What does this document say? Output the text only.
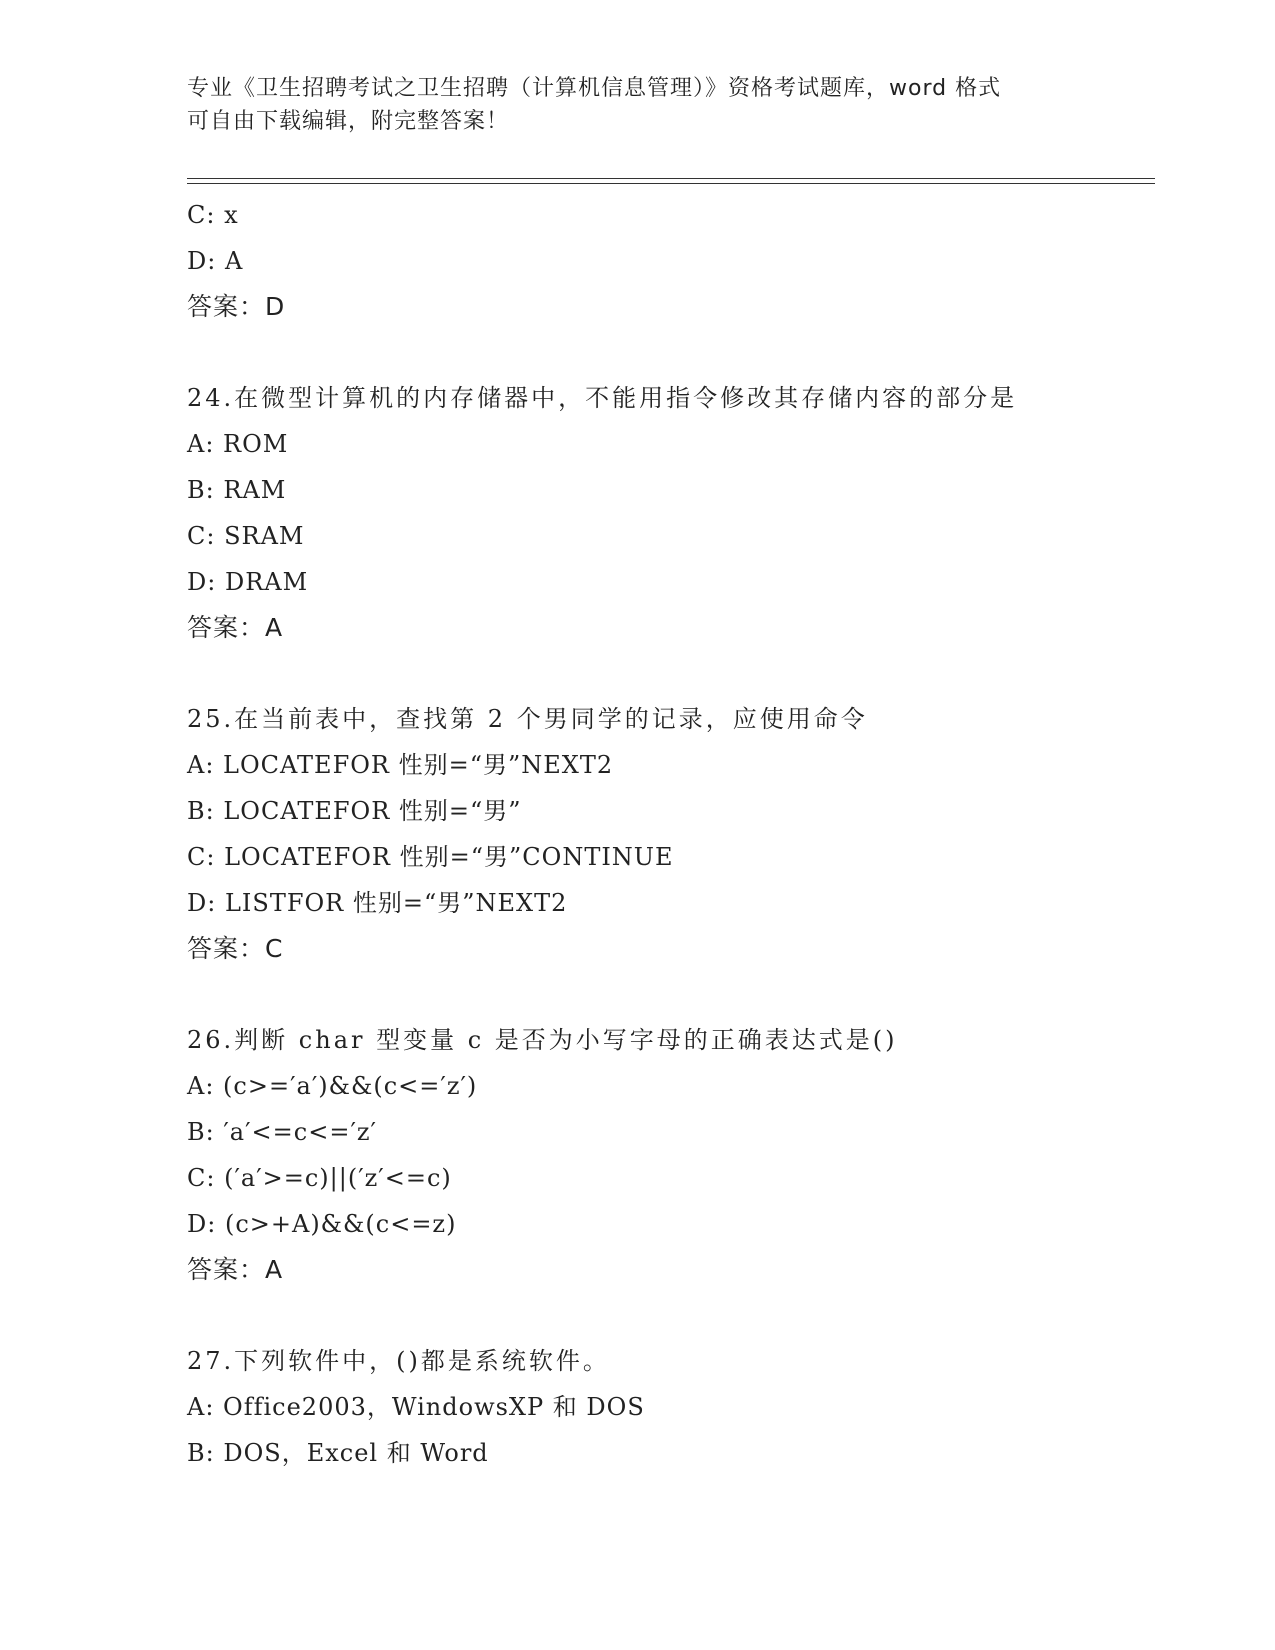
专业《卫生招聘考试之卫生招聘（计算机信息管理）》资格考试题库，word 格式
可自由下载编辑，附完整答案！
C: x
D: A
答案：D
24.在微型计算机的内存储器中，不能用指令修改其存储内容的部分是
A: ROM
B: RAM
C: SRAM
D: DRAM
答案：A
25.在当前表中，查找第 2 个男同学的记录，应使用命令
A: LOCATEFOR 性别=“男”NEXT2
B: LOCATEFOR 性别=“男”
C: LOCATEFOR 性别=“男”CONTINUE
D: LISTFOR 性别=“男”NEXT2
答案：C
26.判断 char 型变量 c 是否为小写字母的正确表达式是()
A: (c>=′a′)&&(c<=′z′)
B: ′a′<=c<=′z′
C: (′a′>=c)||(′z′<=c)
D: (c>+A)&&(c<=z)
答案：A
27.下列软件中，()都是系统软件。
A: Office2003，WindowsXP 和 DOS
B: DOS，Excel 和 Word
